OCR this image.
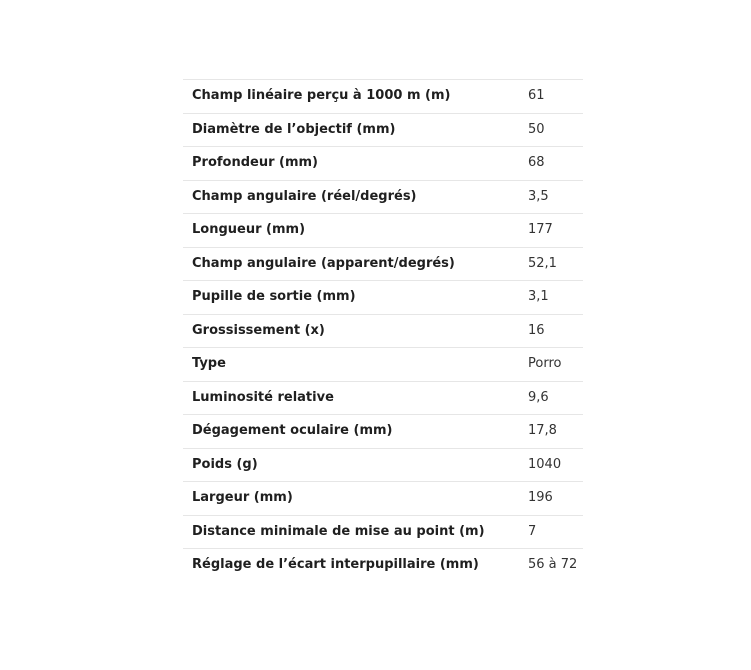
Champ linéaire perçu à 1000 m (m)	61
Diamètre de l’objectif (mm)	50
Profondeur (mm)	68
Champ angulaire (réel/degrés)	3,5
Longueur (mm)	177
Champ angulaire (apparent/degrés)	52,1
Pupille de sortie (mm)	3,1
Grossissement (x)	16
Type	Porro
Luminosité relative	9,6
Dégagement oculaire (mm)	17,8
Poids (g)	1040
Largeur (mm)	196
Distance minimale de mise au point (m)	7
Réglage de l’écart interpupillaire (mm)	56 à 72
